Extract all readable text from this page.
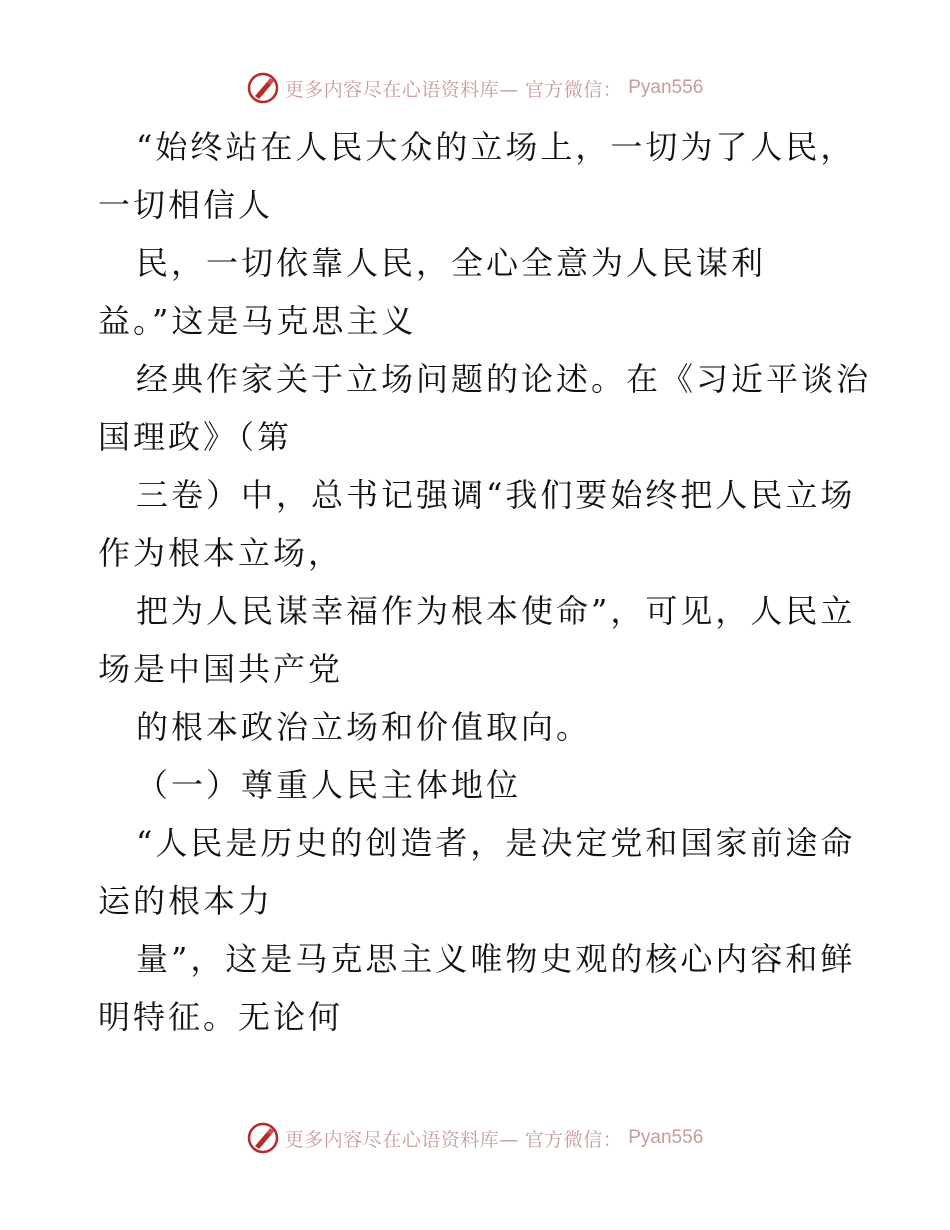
更多内容尽在心语资料库— 官方微信： Pyan556
“始终站在人民大众的立场上，一切为了人民，
一切相信人
民，一切依靠人民，全心全意为人民谋利
益。”这是马克思主义
经典作家关于立场问题的论述。在《习近平谈治
国理政》（第
三卷）中，总书记强调“我们要始终把人民立场
作为根本立场，
把为人民谋幸福作为根本使命”，可见，人民立
场是中国共产党
的根本政治立场和价值取向。
（一）尊重人民主体地位
“人民是历史的创造者，是决定党和国家前途命
运的根本力
量”，这是马克思主义唯物史观的核心内容和鲜
明特征。无论何
更多内容尽在心语资料库— 官方微信： Pyan556
